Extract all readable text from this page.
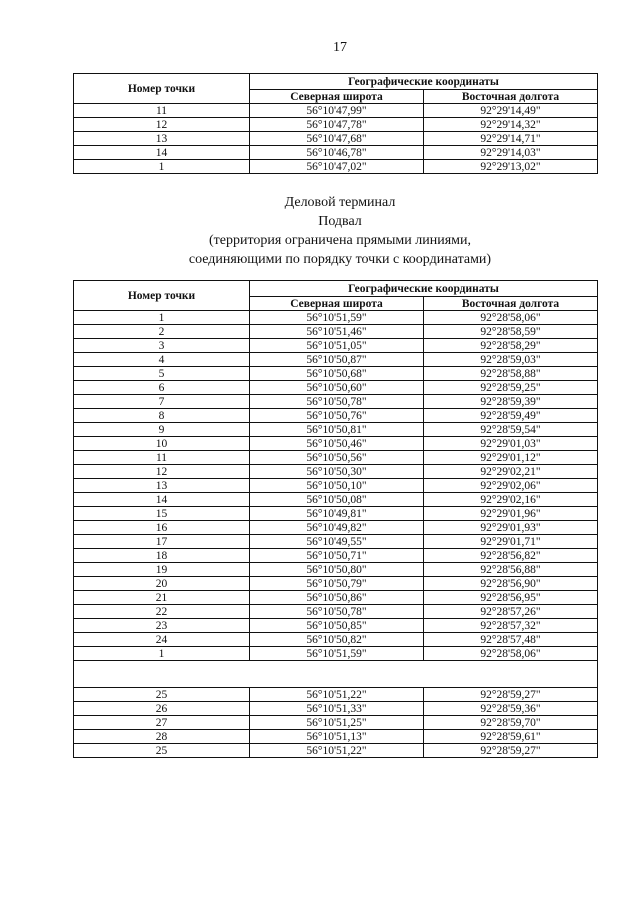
17
Номер точки	Географические координаты	
	Северная широта	Восточная долгота
11	56°10'47,99"	92°29'14,49"
12	56°10'47,78"	92°29'14,32"
13	56°10'47,68"	92°29'14,71"
14	56°10'46,78"	92°29'14,03"
1	56°10'47,02"	92°29'13,02"
Деловой терминал
Подвал
(территория ограничена прямыми линиями,
соединяющими по порядку точки с координатами)
Номер точки	Географические координаты	
	Северная широта	Восточная долгота
1	56°10'51,59"	92°28'58,06"
2	56°10'51,46"	92°28'58,59"
3	56°10'51,05"	92°28'58,29"
4	56°10'50,87"	92°28'59,03"
5	56°10'50,68"	92°28'58,88"
6	56°10'50,60"	92°28'59,25"
7	56°10'50,78"	92°28'59,39"
8	56°10'50,76"	92°28'59,49"
9	56°10'50,81"	92°28'59,54"
10	56°10'50,46"	92°29'01,03"
11	56°10'50,56"	92°29'01,12"
12	56°10'50,30"	92°29'02,21"
13	56°10'50,10"	92°29'02,06"
14	56°10'50,08"	92°29'02,16"
15	56°10'49,81"	92°29'01,96"
16	56°10'49,82"	92°29'01,93"
17	56°10'49,55"	92°29'01,71"
18	56°10'50,71"	92°28'56,82"
19	56°10'50,80"	92°28'56,88"
20	56°10'50,79"	92°28'56,90"
21	56°10'50,86"	92°28'56,95"
22	56°10'50,78"	92°28'57,26"
23	56°10'50,85"	92°28'57,32"
24	56°10'50,82"	92°28'57,48"
1	56°10'51,59"	92°28'58,06"

25	56°10'51,22"	92°28'59,27"
26	56°10'51,33"	92°28'59,36"
27	56°10'51,25"	92°28'59,70"
28	56°10'51,13"	92°28'59,61"
25	56°10'51,22"	92°28'59,27"
